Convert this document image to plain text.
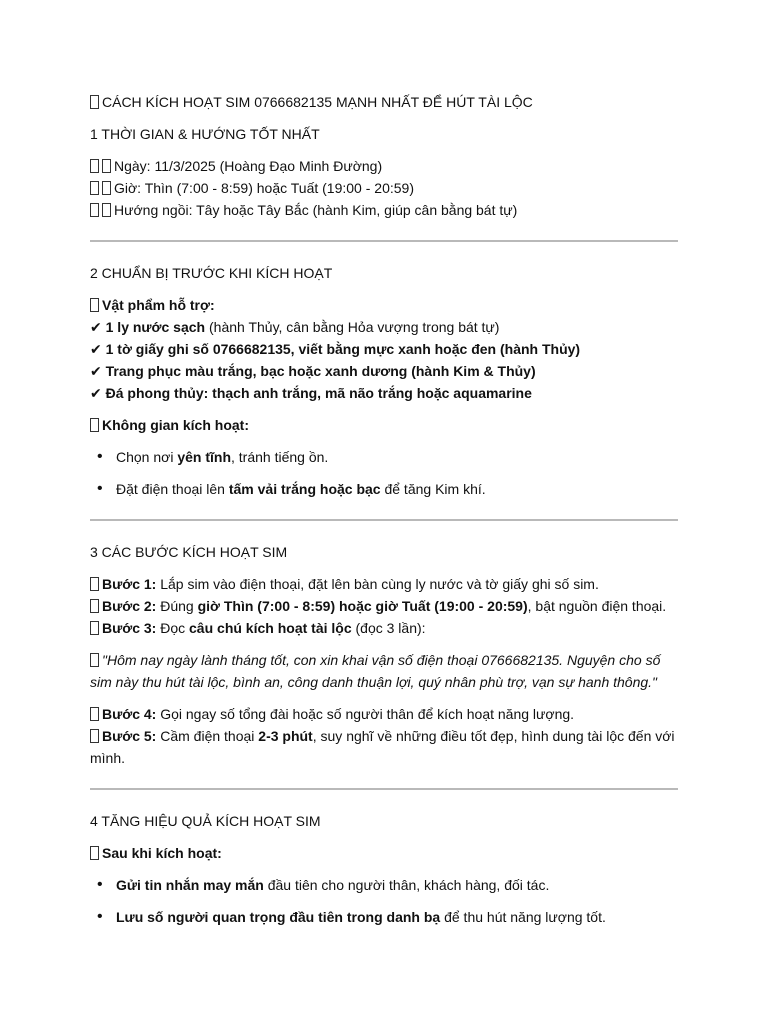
CÁCH KÍCH HOẠT SIM 0766682135 MẠNH NHẤT ĐỂ HÚT TÀI LỘC

1 THỜI GIAN & HƯỚNG TỐT NHẤT

Ngày: 11/3/2025 (Hoàng Đạo Minh Đường)

Giờ: Thìn (7:00 - 8:59) hoặc Tuất (19:00 - 20:59)

Hướng ngồi: Tây hoặc Tây Bắc (hành Kim, giúp cân bằng bát tự)

2 CHUẨN BỊ TRƯỚC KHI KÍCH HOẠT

Vật phẩm hỗ trợ:

✔ 1 ly nước sạch (hành Thủy, cân bằng Hỏa vượng trong bát tự)

✔ 1 tờ giấy ghi số 0766682135, viết bằng mực xanh hoặc đen (hành Thủy)

✔ Trang phục màu trắng, bạc hoặc xanh dương (hành Kim & Thủy)

✔ Đá phong thủy: thạch anh trắng, mã não trắng hoặc aquamarine

Không gian kích hoạt:

• Chọn nơi yên tĩnh, tránh tiếng ồn.
• Đặt điện thoại lên tấm vải trắng hoặc bạc để tăng Kim khí.

3 CÁC BƯỚC KÍCH HOẠT SIM

Bước 1: Lắp sim vào điện thoại, đặt lên bàn cùng ly nước và tờ giấy ghi số sim.

Bước 2: Đúng giờ Thìn (7:00 - 8:59) hoặc giờ Tuất (19:00 - 20:59), bật nguồn điện thoại.

Bước 3: Đọc câu chú kích hoạt tài lộc (đọc 3 lần):

"Hôm nay ngày lành tháng tốt, con xin khai vận số điện thoại 0766682135. Nguyện cho số sim này thu hút tài lộc, bình an, công danh thuận lợi, quý nhân phù trợ, vạn sự hanh thông."

Bước 4: Gọi ngay số tổng đài hoặc số người thân để kích hoạt năng lượng.

Bước 5: Cầm điện thoại 2-3 phút, suy nghĩ về những điều tốt đẹp, hình dung tài lộc đến với mình.

4 TĂNG HIỆU QUẢ KÍCH HOẠT SIM

Sau khi kích hoạt:

• Gửi tin nhắn may mắn đầu tiên cho người thân, khách hàng, đối tác.
• Lưu số người quan trọng đầu tiên trong danh bạ để thu hút năng lượng tốt.
